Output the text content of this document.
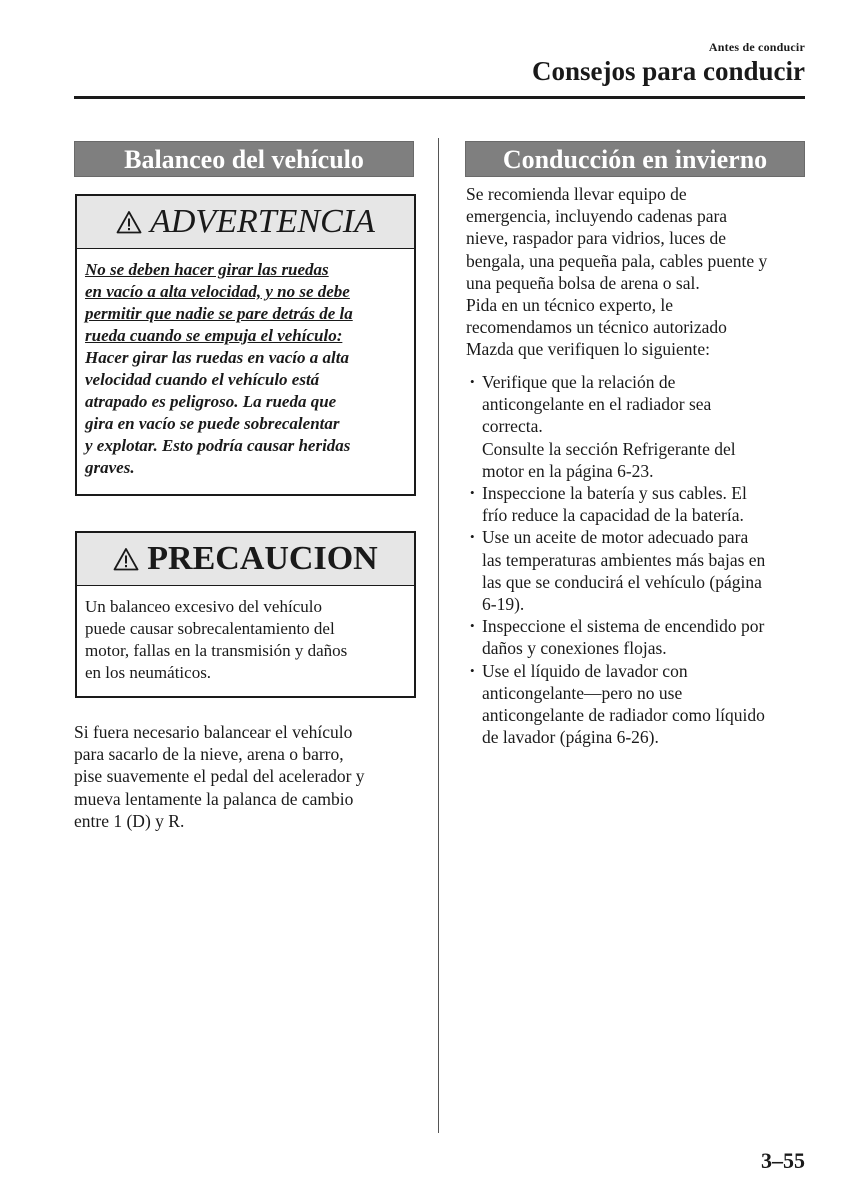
Antes de conducir
Consejos para conducir
Balanceo del vehículo
ADVERTENCIA
No se deben hacer girar las ruedas
en vacío a alta velocidad, y no se debe
permitir que nadie se pare detrás de la
rueda cuando se empuja el vehículo:
Hacer girar las ruedas en vacío a alta
velocidad cuando el vehículo está
atrapado es peligroso. La rueda que
gira en vacío se puede sobrecalentar
y explotar. Esto podría causar heridas
graves.
PRECAUCION
Un balanceo excesivo del vehículo
puede causar sobrecalentamiento del
motor, fallas en la transmisión y daños
en los neumáticos.
Si fuera necesario balancear el vehículo
para sacarlo de la nieve, arena o barro,
pise suavemente el pedal del acelerador y
mueva lentamente la palanca de cambio
entre 1 (D) y R.
Conducción en invierno
Se recomienda llevar equipo de
emergencia, incluyendo cadenas para
nieve, raspador para vidrios, luces de
bengala, una pequeña pala, cables puente y
una pequeña bolsa de arena o sal.
Pida en un técnico experto, le
recomendamos un técnico autorizado
Mazda que verifiquen lo siguiente:
• Verifique que la relación de
anticongelante en el radiador sea
correcta.
Consulte la sección Refrigerante del
motor en la página 6-23.
• Inspeccione la batería y sus cables. El
frío reduce la capacidad de la batería.
• Use un aceite de motor adecuado para
las temperaturas ambientes más bajas en
las que se conducirá el vehículo (página
6-19).
• Inspeccione el sistema de encendido por
daños y conexiones flojas.
• Use el líquido de lavador con
anticongelante—pero no use
anticongelante de radiador como líquido
de lavador (página 6-26).
3–55
